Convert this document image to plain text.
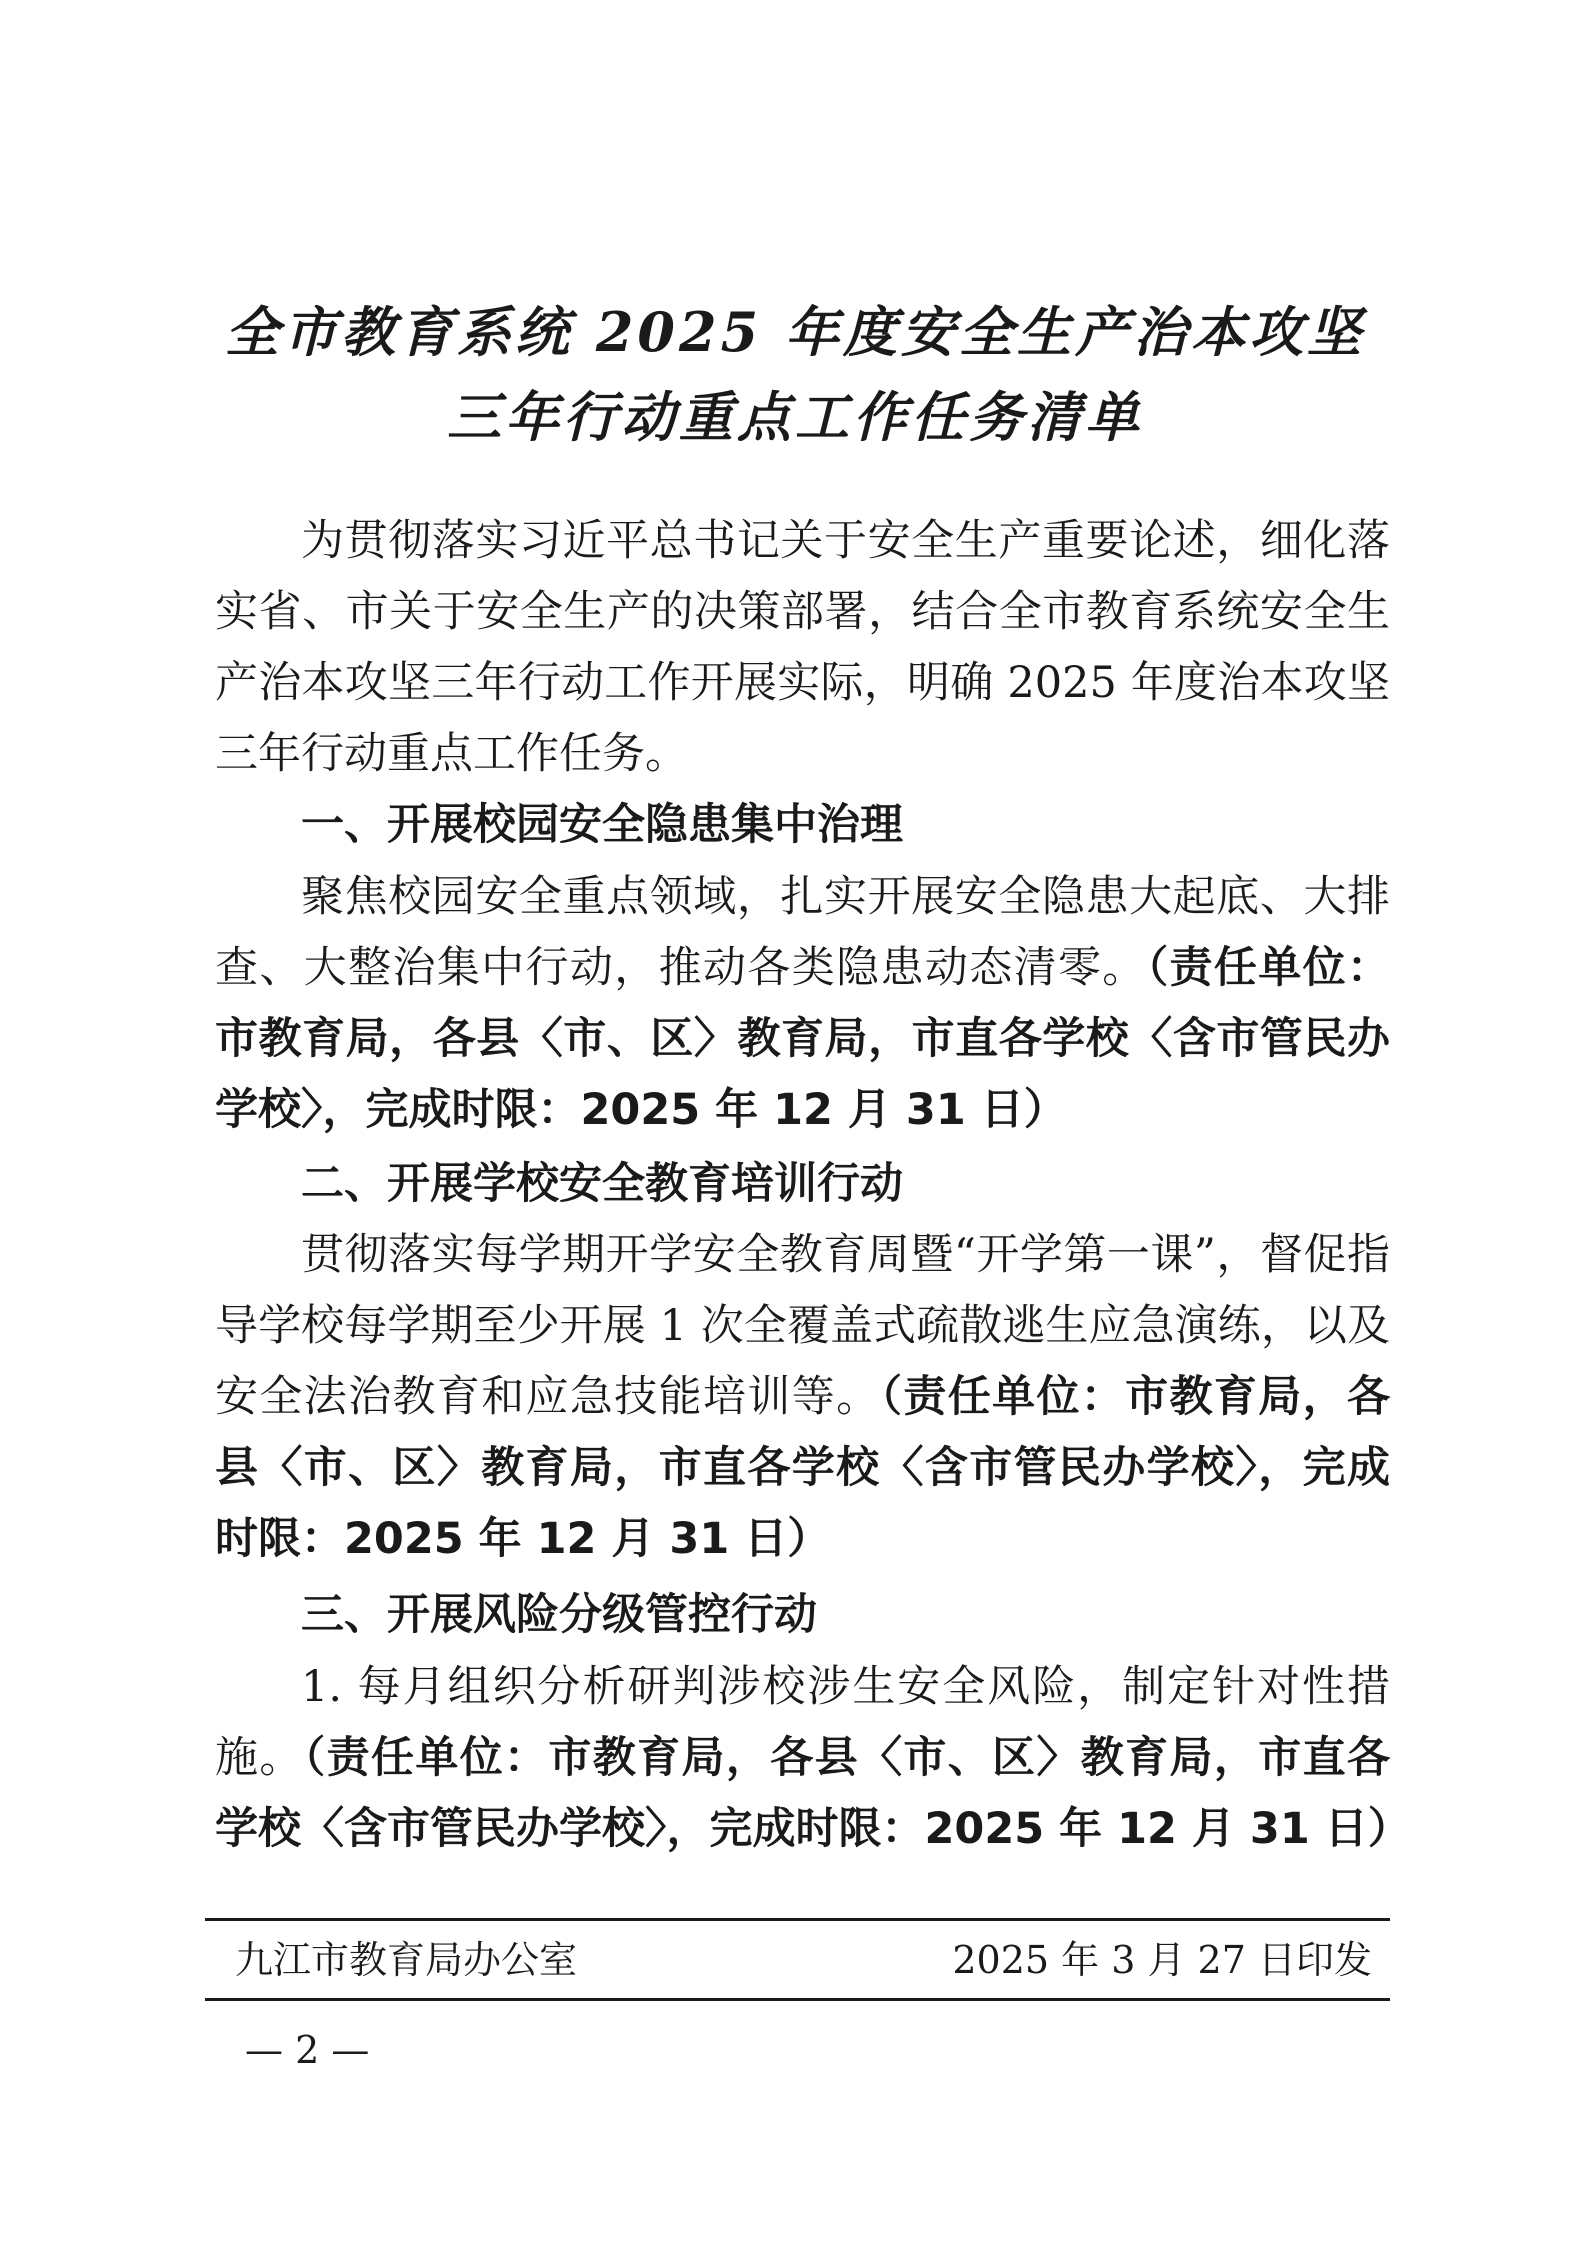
全市教育系统 2025 年度安全生产治本攻坚
三年行动重点工作任务清单

为贯彻落实习近平总书记关于安全生产重要论述，细化落实省、市关于安全生产的决策部署，结合全市教育系统安全生产治本攻坚三年行动工作开展实际，明确 2025 年度治本攻坚三年行动重点工作任务。

一、开展校园安全隐患集中治理

聚焦校园安全重点领域，扎实开展安全隐患大起底、大排查、大整治集中行动，推动各类隐患动态清零。（责任单位：市教育局，各县〈市、区〉教育局，市直各学校〈含市管民办学校〉，完成时限：2025 年 12 月 31 日）

二、开展学校安全教育培训行动

贯彻落实每学期开学安全教育周暨“开学第一课”，督促指导学校每学期至少开展 1 次全覆盖式疏散逃生应急演练，以及安全法治教育和应急技能培训等。（责任单位：市教育局，各县〈市、区〉教育局，市直各学校〈含市管民办学校〉，完成时限：2025 年 12 月 31 日）

三、开展风险分级管控行动

1. 每月组织分析研判涉校涉生安全风险，制定针对性措施。（责任单位：市教育局，各县〈市、区〉教育局，市直各学校〈含市管民办学校〉，完成时限：2025 年 12 月 31 日）

九江市教育局办公室	2025 年 3 月 27 日印发
— 2 —
